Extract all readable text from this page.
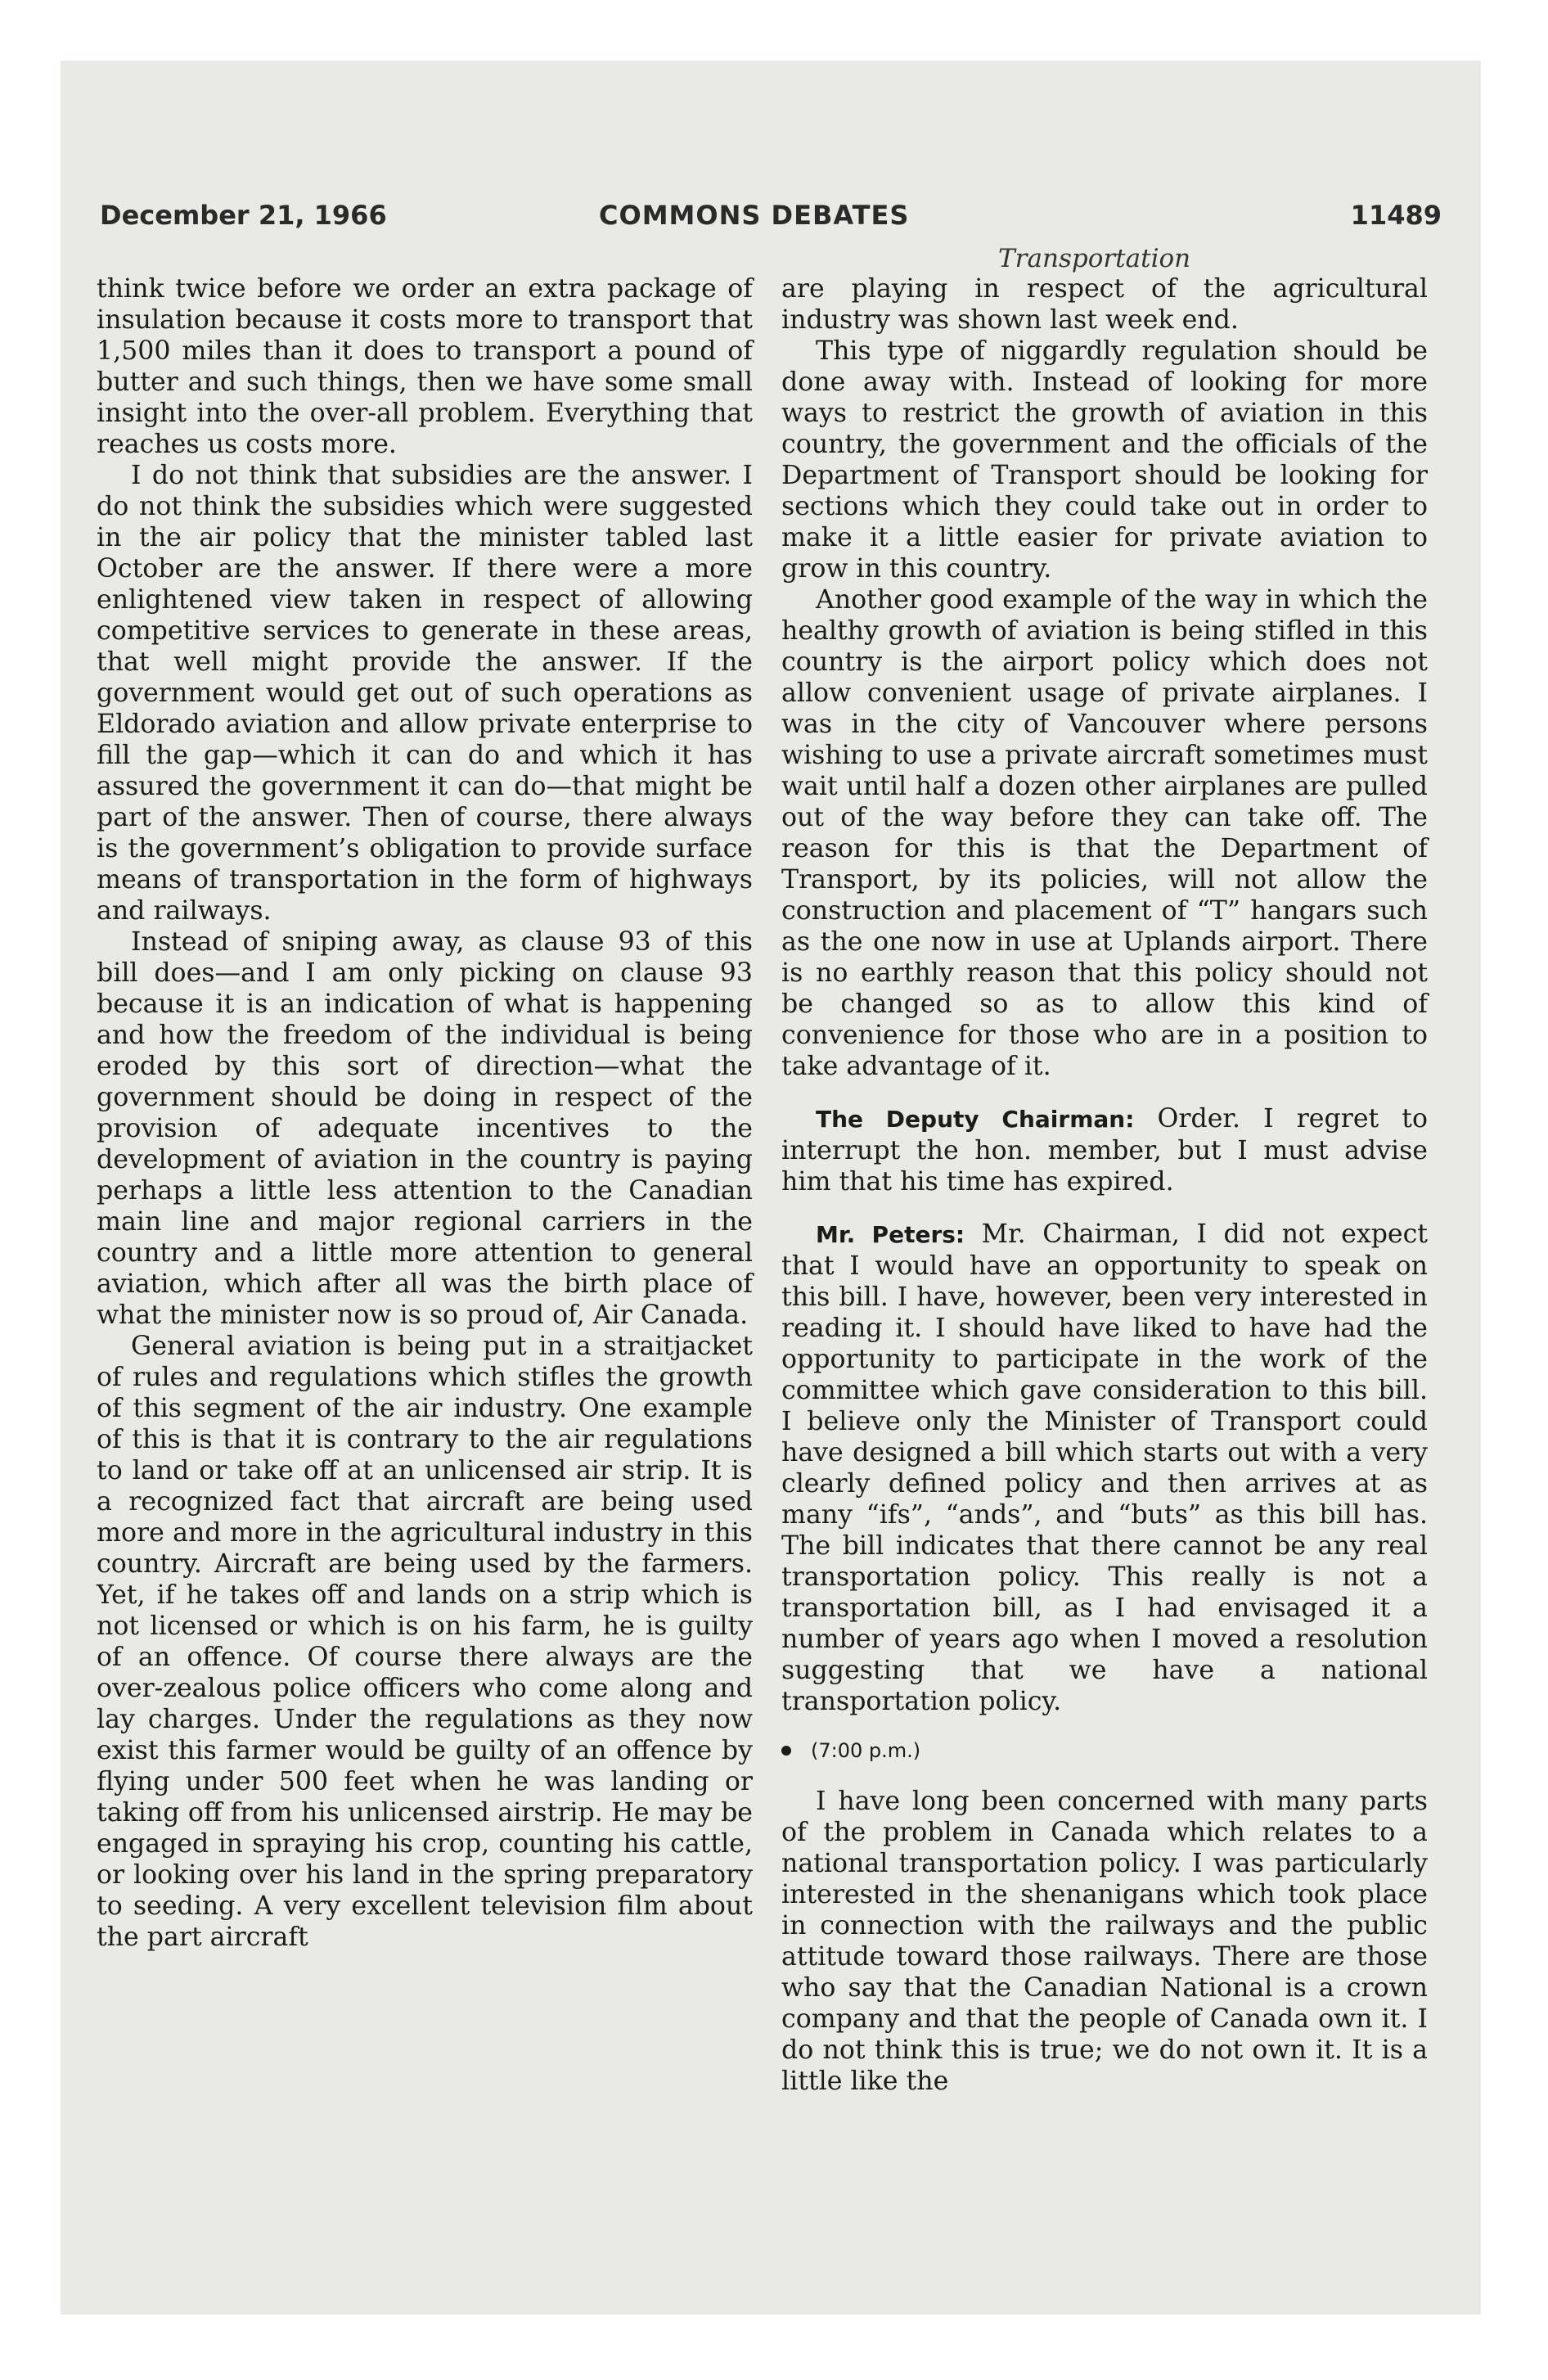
December 21, 1966	COMMONS DEBATES	11489
Transportation

think twice before we order an extra package of insulation because it costs more to transport that 1,500 miles than it does to transport a pound of butter and such things, then we have some small insight into the over-all problem. Everything that reaches us costs more.

I do not think that subsidies are the answer. I do not think the subsidies which were suggested in the air policy that the minister tabled last October are the answer. If there were a more enlightened view taken in respect of allowing competitive services to generate in these areas, that well might provide the answer. If the government would get out of such operations as Eldorado aviation and allow private enterprise to fill the gap—which it can do and which it has assured the government it can do—that might be part of the answer. Then of course, there always is the government’s obligation to provide surface means of transportation in the form of highways and railways.

Instead of sniping away, as clause 93 of this bill does—and I am only picking on clause 93 because it is an indication of what is happening and how the freedom of the individual is being eroded by this sort of direction—what the government should be doing in respect of the provision of adequate incentives to the development of aviation in the country is paying perhaps a little less attention to the Canadian main line and major regional carriers in the country and a little more attention to general aviation, which after all was the birth place of what the minister now is so proud of, Air Canada.

General aviation is being put in a straitjacket of rules and regulations which stifles the growth of this segment of the air industry. One example of this is that it is contrary to the air regulations to land or take off at an unlicensed air strip. It is a recognized fact that aircraft are being used more and more in the agricultural industry in this country. Aircraft are being used by the farmers. Yet, if he takes off and lands on a strip which is not licensed or which is on his farm, he is guilty of an offence. Of course there always are the over-zealous police officers who come along and lay charges. Under the regulations as they now exist this farmer would be guilty of an offence by flying under 500 feet when he was landing or taking off from his unlicensed airstrip. He may be engaged in spraying his crop, counting his cattle, or looking over his land in the spring preparatory to seeding. A very excellent television film about the part aircraft

are playing in respect of the agricultural industry was shown last week end.

This type of niggardly regulation should be done away with. Instead of looking for more ways to restrict the growth of aviation in this country, the government and the officials of the Department of Transport should be looking for sections which they could take out in order to make it a little easier for private aviation to grow in this country.

Another good example of the way in which the healthy growth of aviation is being stifled in this country is the airport policy which does not allow convenient usage of private airplanes. I was in the city of Vancouver where persons wishing to use a private aircraft sometimes must wait until half a dozen other airplanes are pulled out of the way before they can take off. The reason for this is that the Department of Transport, by its policies, will not allow the construction and placement of “T” hangars such as the one now in use at Uplands airport. There is no earthly reason that this policy should not be changed so as to allow this kind of convenience for those who are in a position to take advantage of it.

The Deputy Chairman: Order. I regret to interrupt the hon. member, but I must advise him that his time has expired.

Mr. Peters: Mr. Chairman, I did not expect that I would have an opportunity to speak on this bill. I have, however, been very interested in reading it. I should have liked to have had the opportunity to participate in the work of the committee which gave consideration to this bill. I believe only the Minister of Transport could have designed a bill which starts out with a very clearly defined policy and then arrives at as many “ifs”, “ands”, and “buts” as this bill has. The bill indicates that there cannot be any real transportation policy. This really is not a transportation bill, as I had envisaged it a number of years ago when I moved a resolution suggesting that we have a national transportation policy.

(7:00 p.m.)

I have long been concerned with many parts of the problem in Canada which relates to a national transportation policy. I was particularly interested in the shenanigans which took place in connection with the railways and the public attitude toward those railways. There are those who say that the Canadian National is a crown company and that the people of Canada own it. I do not think this is true; we do not own it. It is a little like the
